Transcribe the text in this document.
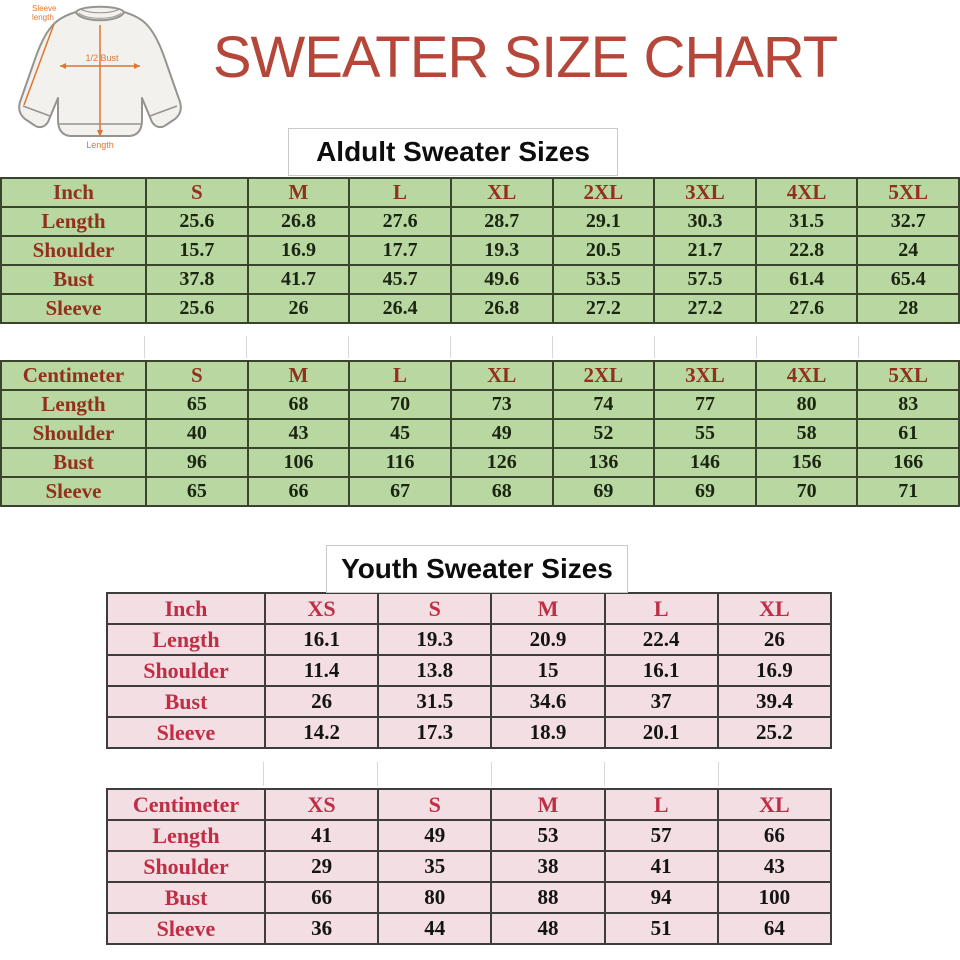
Sleeve
length
1/2 Bust
Length
SWEATER SIZE CHART
Aldult Sweater Sizes
Inch	S	M	L	XL	2XL	3XL	4XL	5XL
Length	25.6	26.8	27.6	28.7	29.1	30.3	31.5	32.7
Shoulder	15.7	16.9	17.7	19.3	20.5	21.7	22.8	24
Bust	37.8	41.7	45.7	49.6	53.5	57.5	61.4	65.4
Sleeve	25.6	26	26.4	26.8	27.2	27.2	27.6	28
Centimeter	S	M	L	XL	2XL	3XL	4XL	5XL
Length	65	68	70	73	74	77	80	83
Shoulder	40	43	45	49	52	55	58	61
Bust	96	106	116	126	136	146	156	166
Sleeve	65	66	67	68	69	69	70	71
Youth Sweater Sizes
Inch	XS	S	M	L	XL
Length	16.1	19.3	20.9	22.4	26
Shoulder	11.4	13.8	15	16.1	16.9
Bust	26	31.5	34.6	37	39.4
Sleeve	14.2	17.3	18.9	20.1	25.2
Centimeter	XS	S	M	L	XL
Length	41	49	53	57	66
Shoulder	29	35	38	41	43
Bust	66	80	88	94	100
Sleeve	36	44	48	51	64
